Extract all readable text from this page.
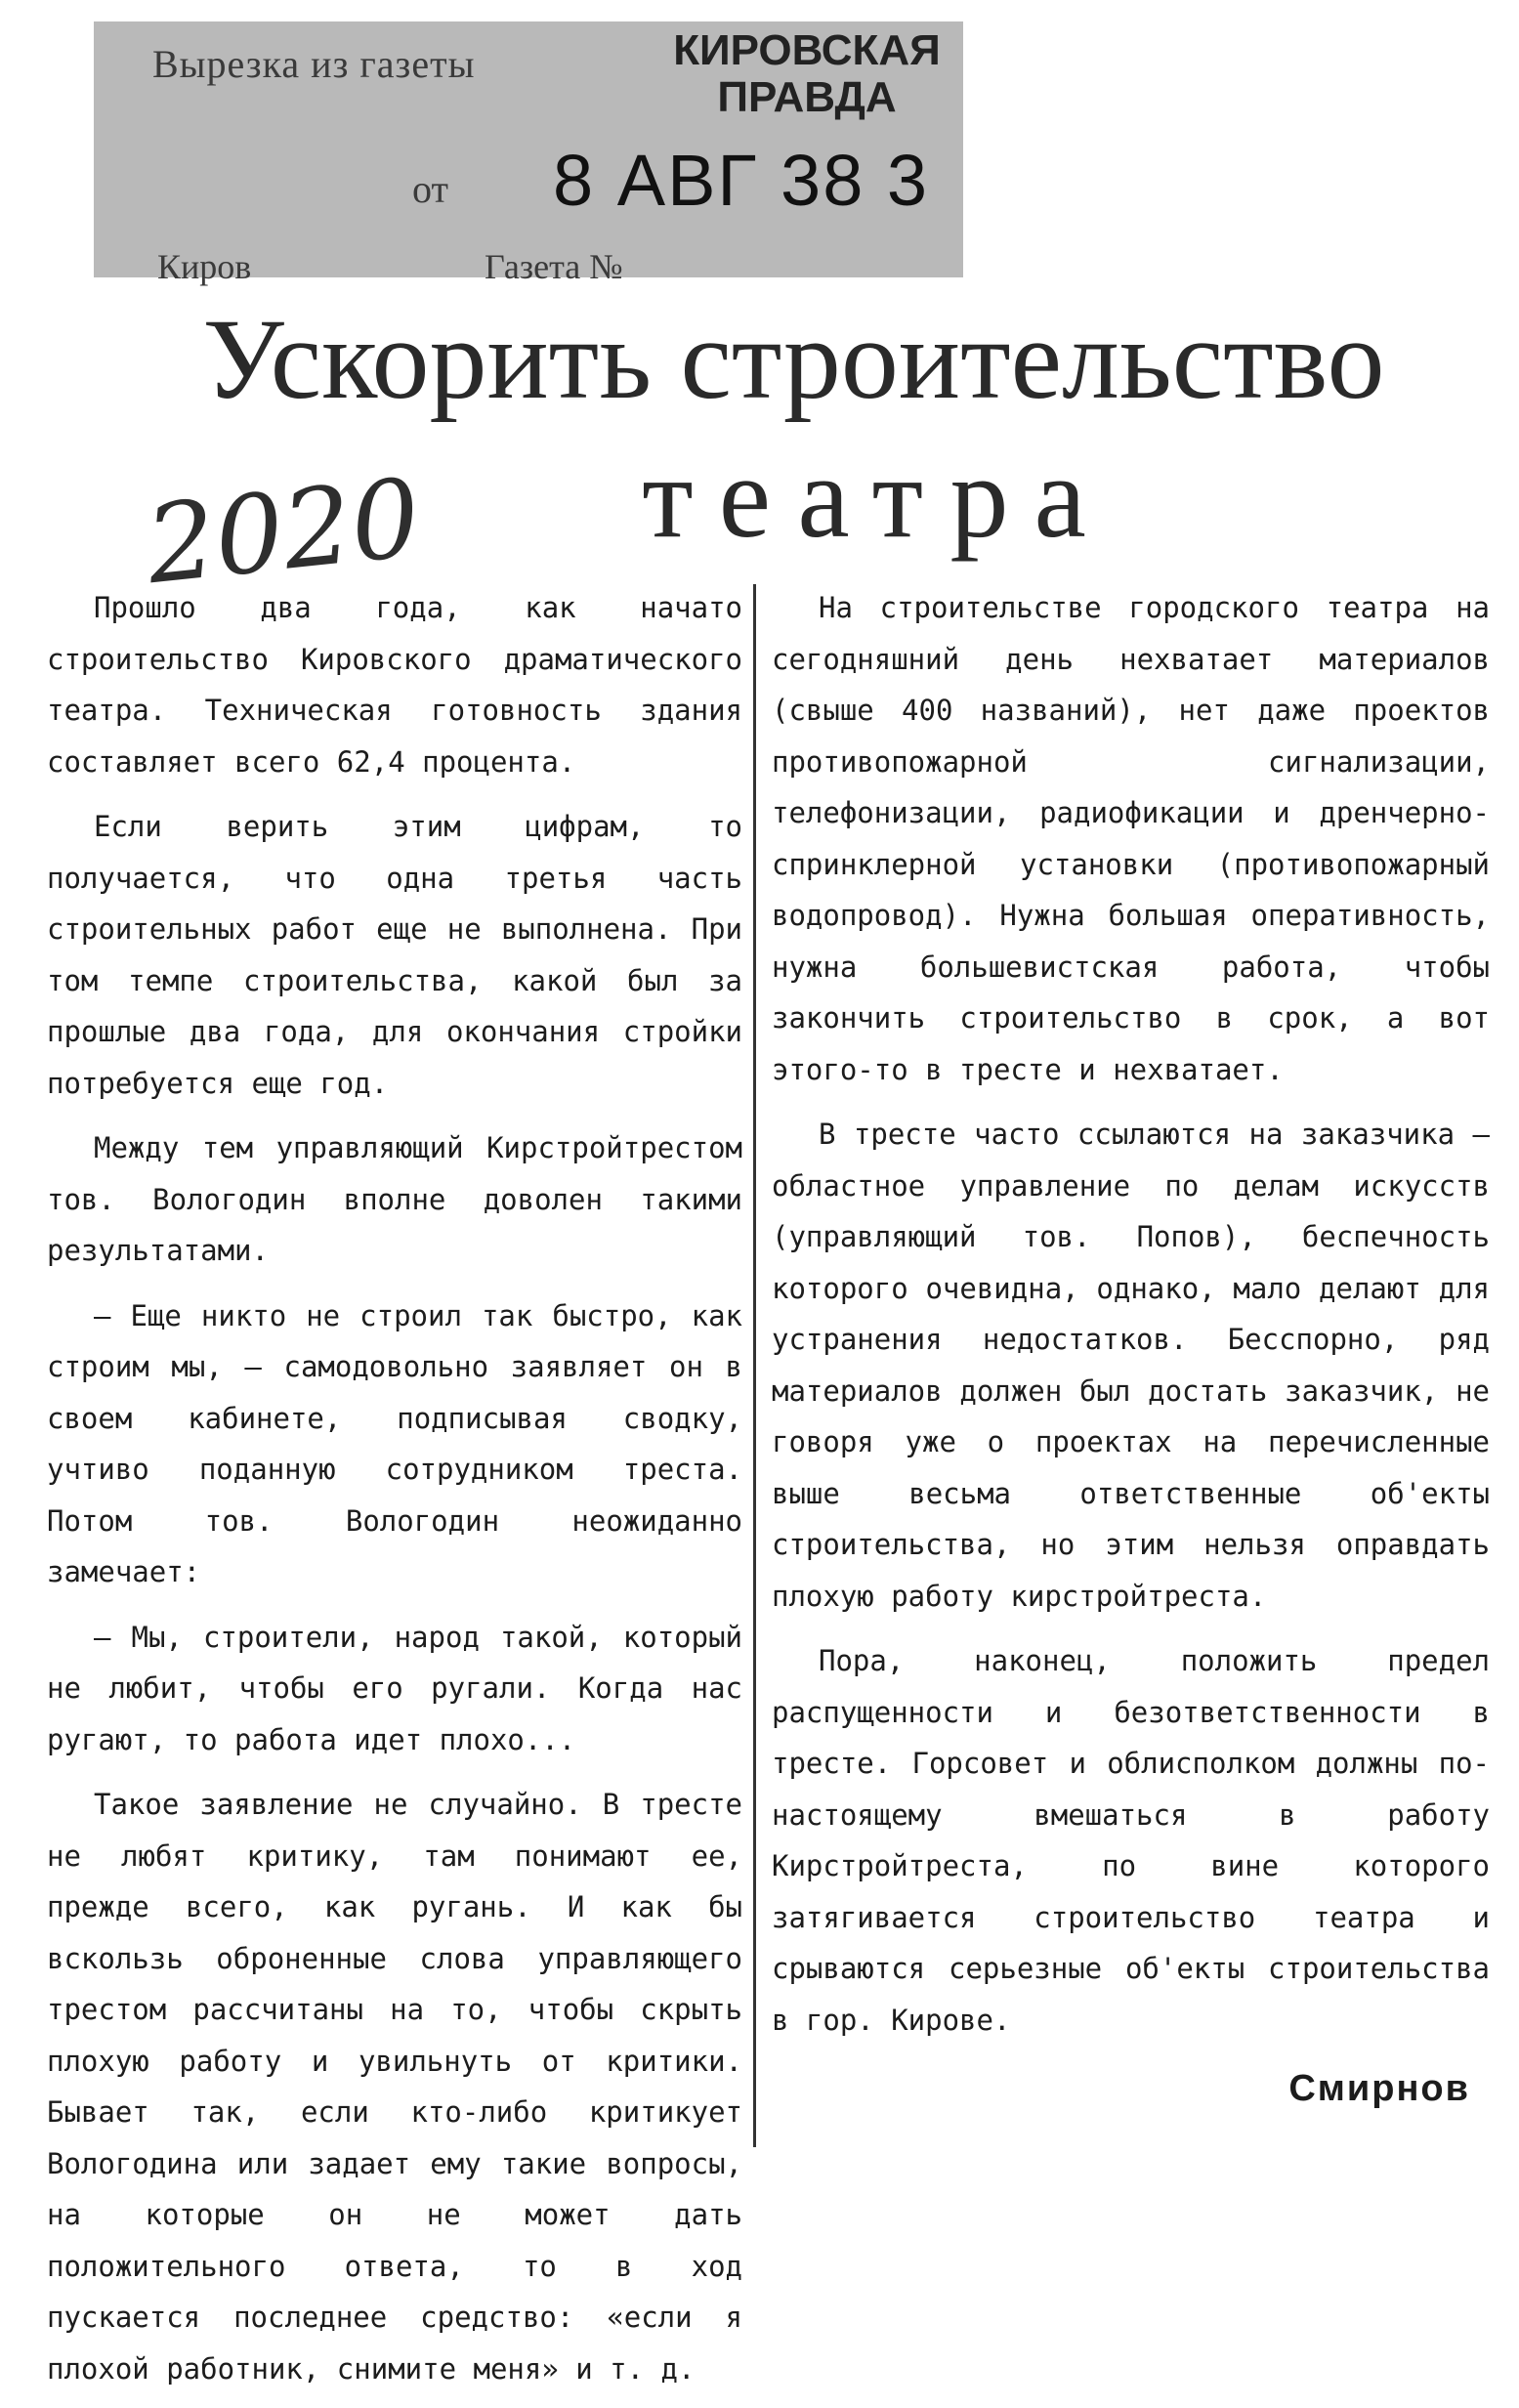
Вырезка из газеты	КИРОВСКАЯ
ПРАВДА
от 8 АВГ 38 3
Киров	Газета №
Ускорить строительство
театра
2020

Прошло два года, как начато строительство Кировского драматического театра. Техническая готовность здания составляет всего 62,4 процента.

Если верить этим цифрам, то получается, что одна третья часть строительных работ еще не выполнена. При том темпе строительства, какой был за прошлые два года, для окончания стройки потребуется еще год.

Между тем управляющий Кирстройтрестом тов. Вологодин вполне доволен такими результатами.

— Еще никто не строил так быстро, как строим мы, — самодовольно заявляет он в своем кабинете, подписывая сводку, учтиво поданную сотрудником треста. Потом тов. Вологодин неожиданно замечает:

— Мы, строители, народ такой, который не любит, чтобы его ругали. Когда нас ругают, то работа идет плохо...

Такое заявление не случайно. В тресте не любят критику, там понимают ее, прежде всего, как ругань. И как бы вскользь оброненные слова управляющего трестом рассчитаны на то, чтобы скрыть плохую работу и увильнуть от критики. Бывает так, если кто-либо критикует Вологодина или задает ему такие вопросы, на которые он не может дать положительного ответа, то в ход пускается последнее средство: «если я плохой работник, снимите меня» и т. д.

На строительстве городского театра на сегодняшний день нехватает материалов (свыше 400 названий), нет даже проектов противопожарной сигнализации, телефонизации, радиофикации и дренчерно-спринклерной установки (противопожарный водопровод). Нужна большая оперативность, нужна большевистская работа, чтобы закончить строительство в срок, а вот этого-то в тресте и нехватает.

В тресте часто ссылаются на заказчика — областное управление по делам искусств (управляющий тов. Попов), беспечность которого очевидна, однако, мало делают для устранения недостатков. Бесспорно, ряд материалов должен был достать заказчик, не говоря уже о проектах на перечисленные выше весьма ответственные об'екты строительства, но этим нельзя оправдать плохую работу кирстройтреста.

Пора, наконец, положить предел распущенности и безответственности в тресте. Горсовет и облисполком должны по-настоящему вмешаться в работу Кирстройтреста, по вине которого затягивается строительство театра и срываются серьезные об'екты строительства в гор. Кирове.

Смирнов
